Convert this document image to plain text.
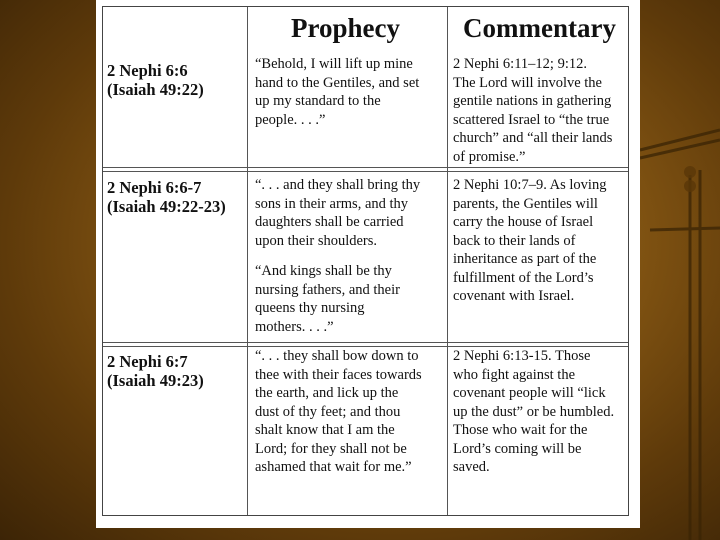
Prophecy Commentary
2 Nephi 6:6
(Isaiah 49:22)
“Behold, I will lift up mine
hand to the Gentiles, and set
up my standard to the
people. . . .”
2 Nephi 6:11–12; 9:12.
The Lord will involve the
gentile nations in gathering
scattered Israel to “the true
church” and “all their lands
of promise.”
2 Nephi 6:6-7
(Isaiah 49:22-23)
“. . . and they shall bring thy
sons in their arms, and thy
daughters shall be carried
upon their shoulders.
“And kings shall be thy
nursing fathers, and their
queens thy nursing
mothers. . . .”
2 Nephi 10:7–9. As loving
parents, the Gentiles will
carry the house of Israel
back to their lands of
inheritance as part of the
fulfillment of the Lord’s
covenant with Israel.
2 Nephi 6:7
(Isaiah 49:23)
“. . . they shall bow down to
thee with their faces towards
the earth, and lick up the
dust of thy feet; and thou
shalt know that I am the
Lord; for they shall not be
ashamed that wait for me.”
2 Nephi 6:13-15. Those
who fight against the
covenant people will “lick
up the dust” or be humbled.
Those who wait for the
Lord’s coming will be
saved.
